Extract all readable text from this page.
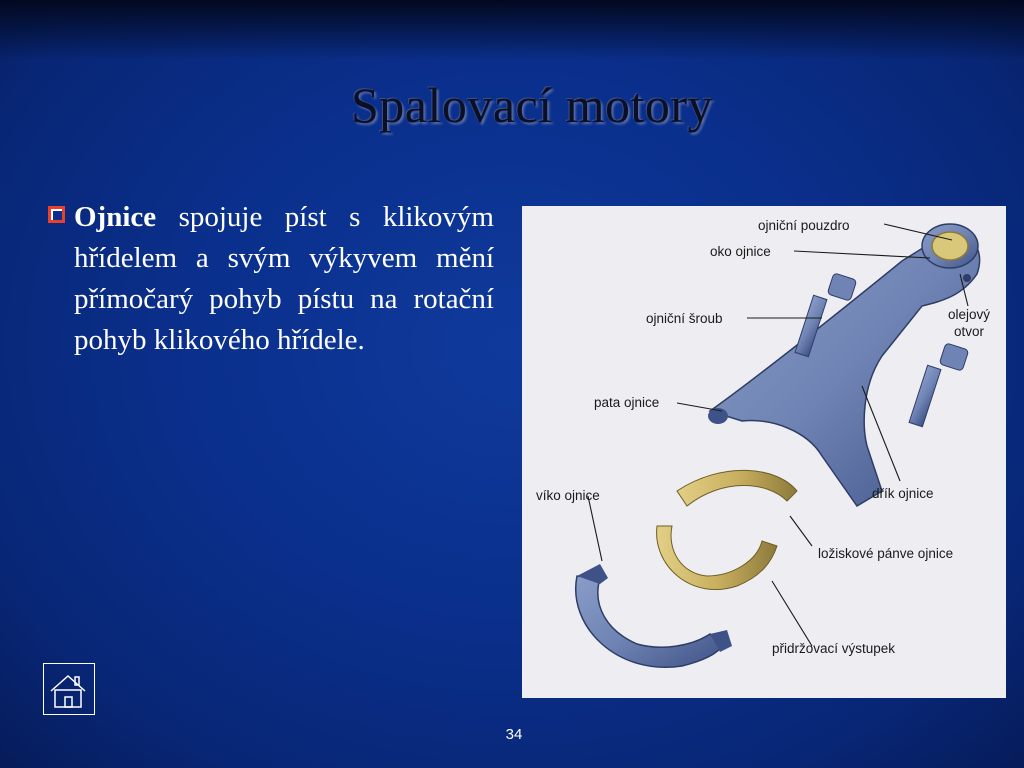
Spalovací motory
Ojnice spojuje píst s klikovým hřídelem a svým výkyvem mění přímočarý pohyb pístu na rotační pohyb klikového hřídele.
ojniční pouzdro
oko ojnice
ojniční šroub	olejový
otvor
pata ojnice
dřík ojnice
víko ojnice
ložiskové pánve ojnice
přidržovací výstupek
34
